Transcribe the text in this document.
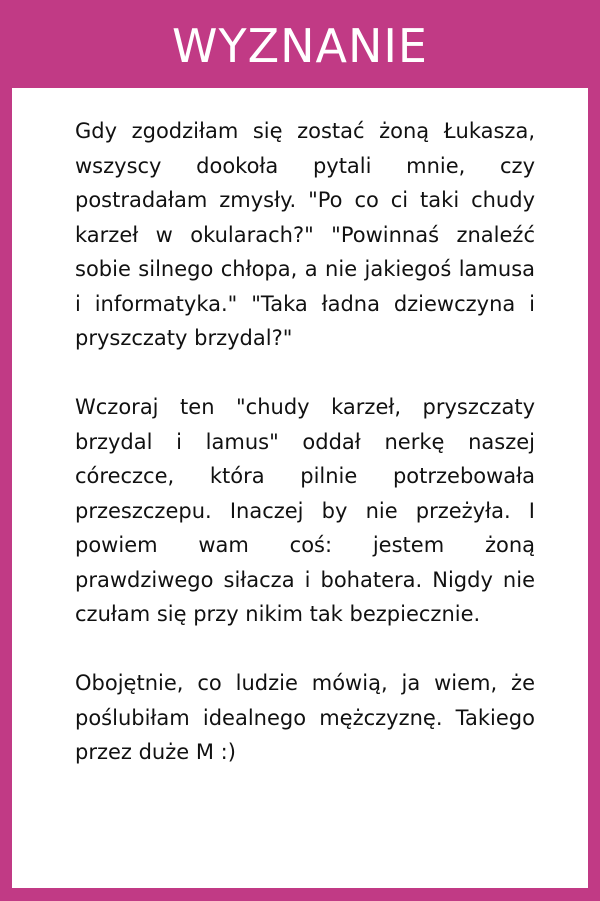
WYZNANIE

Gdy zgodziłam się zostać żoną Łukasza, wszyscy dookoła pytali mnie, czy postradałam zmysły. "Po co ci taki chudy karzeł w okularach?" "Powinnaś znaleźć sobie silnego chłopa, a nie jakiegoś lamusa i informatyka." "Taka ładna dziewczyna i pryszczaty brzydal?"

Wczoraj ten "chudy karzeł, pryszczaty brzydal i lamus" oddał nerkę naszej córeczce, która pilnie potrzebowała przeszczepu. Inaczej by nie przeżyła. I powiem wam coś: jestem żoną prawdziwego siłacza i bohatera. Nigdy nie czułam się przy nikim tak bezpiecznie.

Obojętnie, co ludzie mówią, ja wiem, że poślubiłam idealnego mężczyznę. Takiego przez duże M :)
